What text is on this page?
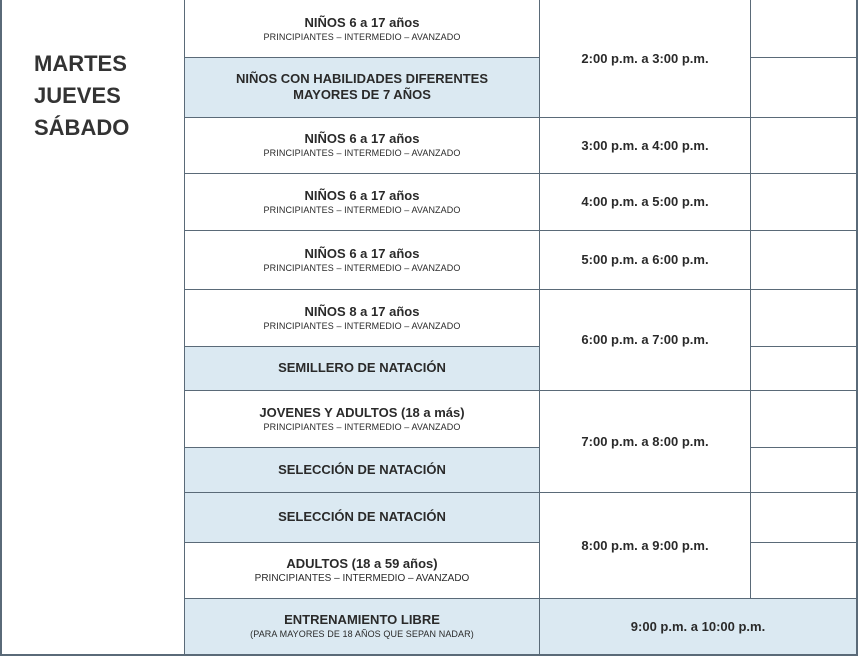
MARTES
JUEVES
SÁBADO
NIÑOS 6 a 17 años
PRINCIPIANTES – INTERMEDIO – AVANZADO
NIÑOS CON HABILIDADES DIFERENTES
MAYORES DE 7 AÑOS
NIÑOS 6 a 17 años
PRINCIPIANTES – INTERMEDIO – AVANZADO
NIÑOS 6 a 17 años
PRINCIPIANTES – INTERMEDIO – AVANZADO
NIÑOS 6 a 17 años
PRINCIPIANTES – INTERMEDIO – AVANZADO
NIÑOS 8 a 17 años
PRINCIPIANTES – INTERMEDIO – AVANZADO
SEMILLERO DE NATACIÓN
JOVENES Y ADULTOS (18 a más)
PRINCIPIANTES – INTERMEDIO – AVANZADO
SELECCIÓN DE NATACIÓN
SELECCIÓN DE NATACIÓN
ADULTOS (18 a 59 años)
PRINCIPIANTES – INTERMEDIO – AVANZADO
ENTRENAMIENTO LIBRE
(PARA MAYORES DE 18 AÑOS QUE SEPAN NADAR)
2:00 p.m. a 3:00 p.m.
3:00 p.m. a 4:00 p.m.
4:00 p.m. a 5:00 p.m.
5:00 p.m. a 6:00 p.m.
6:00 p.m. a 7:00 p.m.
7:00 p.m. a 8:00 p.m.
8:00 p.m. a 9:00 p.m.
9:00 p.m. a 10:00 p.m.
